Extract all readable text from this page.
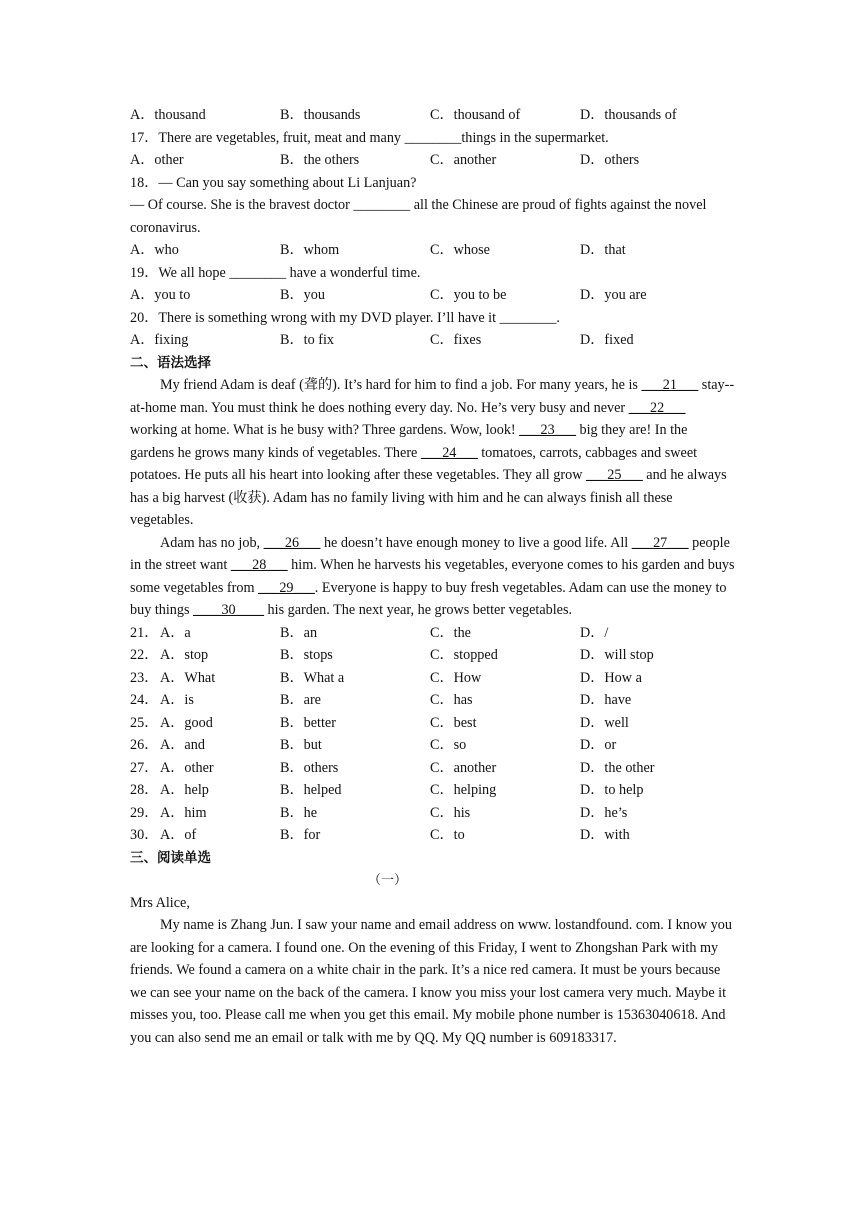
A．thousand	B．thousands	C．thousand of	D．thousands of
17．There are vegetables, fruit, meat and many ________things in the supermarket.
A．other	B．the others	C．another	D．others
18．— Can you say something about Li Lanjuan?
— Of course. She is the bravest doctor ________ all the Chinese are proud of fights against the novel coronavirus.
A．who	B．whom	C．whose	D．that
19．We all hope ________ have a wonderful time.
A．you to	B．you	C．you to be	D．you are
20．There is something wrong with my DVD player. I’ll have it ________.
A．fixing	B．to fix	C．fixes	D．fixed
二、语法选择
My friend Adam is deaf (聋的). It’s hard for him to find a job. For many years, he is ___21___ stay--at-home man. You must think he does nothing every day. No. He’s very busy and never ___22___ working at home. What is he busy with? Three gardens. Wow, look! ___23___ big they are! In the gardens he grows many kinds of vegetables. There ___24___ tomatoes, carrots, cabbages and sweet potatoes. He puts all his heart into looking after these vegetables. They all grow ___25___ and he always has a big harvest (收获). Adam has no family living with him and he can always finish all these vegetables.
Adam has no job, ___26___ he doesn’t have enough money to live a good life. All ___27___ people in the street want ___28___ him. When he harvests his vegetables, everyone comes to his garden and buys some vegetables from ___29___. Everyone is happy to buy fresh vegetables. Adam can use the money to buy things ____30____ his garden. The next year, he grows better vegetables.
21． A．a	B．an	C．the	D．/
22． A．stop	B．stops	C．stopped	D．will stop
23． A．What	B．What a	C．How	D．How a
24． A．is	B．are	C．has	D．have
25． A．good	B．better	C．best	D．well
26． A．and	B．but	C．so	D．or
27． A．other	B．others	C．another	D．the other
28． A．help	B．helped	C．helping	D．to help
29． A．him	B．he	C．his	D．he’s
30． A．of	B．for	C．to	D．with
三、阅读单选
（一）
Mrs Alice,
My name is Zhang Jun. I saw your name and email address on www. lostandfound. com. I know you are looking for a camera. I found one. On the evening of this Friday, I went to Zhongshan Park with my friends. We found a camera on a white chair in the park. It’s a nice red camera. It must be yours because we can see your name on the back of the camera. I know you miss your lost camera very much. Maybe it misses you, too. Please call me when you get this email. My mobile phone number is 15363040618. And you can also send me an email or talk with me by QQ. My QQ number is 609183317.
